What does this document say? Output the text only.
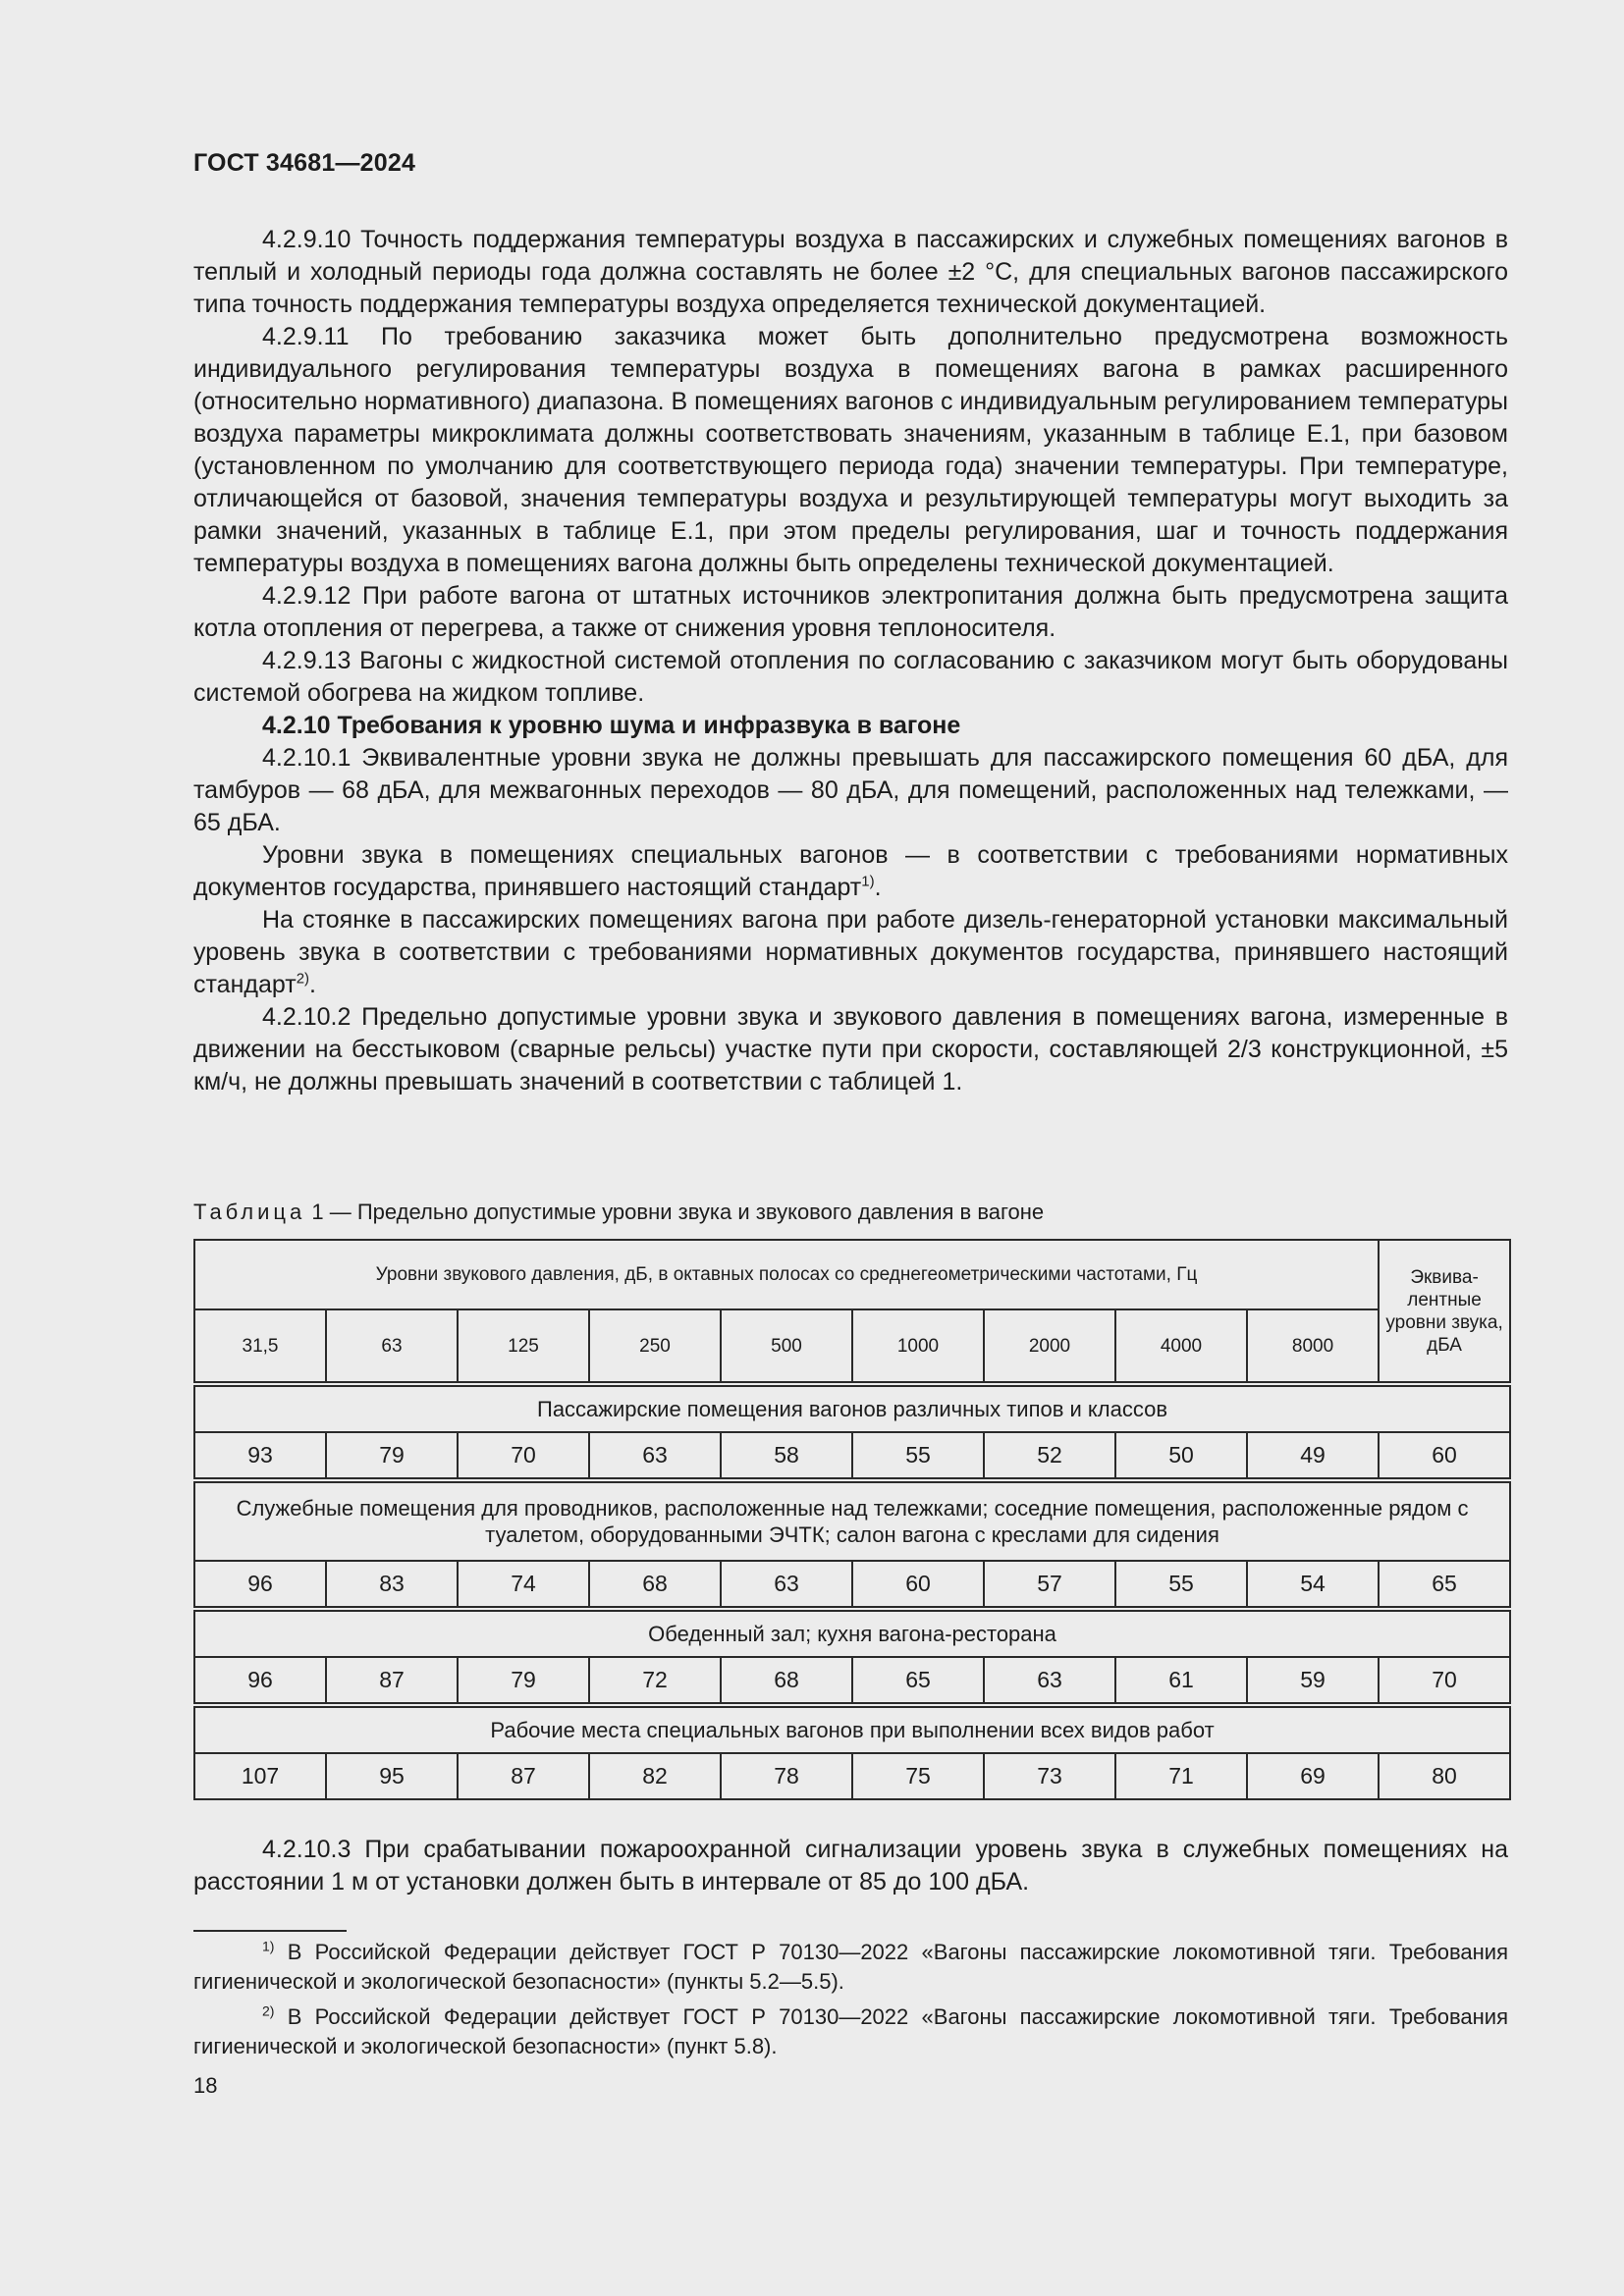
ГОСТ 34681—2024

4.2.9.10 Точность поддержания температуры воздуха в пассажирских и служебных помещениях вагонов в теплый и холодный периоды года должна составлять не более ±2 °С, для специальных вагонов пассажирского типа точность поддержания температуры воздуха определяется технической документацией.

4.2.9.11 По требованию заказчика может быть дополнительно предусмотрена возможность индивидуального регулирования температуры воздуха в помещениях вагона в рамках расширенного (относительно нормативного) диапазона. В помещениях вагонов с индивидуальным регулированием температуры воздуха параметры микроклимата должны соответствовать значениям, указанным в таблице Е.1, при базовом (установленном по умолчанию для соответствующего периода года) значении температуры. При температуре, отличающейся от базовой, значения температуры воздуха и результирующей температуры могут выходить за рамки значений, указанных в таблице Е.1, при этом пределы регулирования, шаг и точность поддержания температуры воздуха в помещениях вагона должны быть определены технической документацией.

4.2.9.12 При работе вагона от штатных источников электропитания должна быть предусмотрена защита котла отопления от перегрева, а также от снижения уровня теплоносителя.

4.2.9.13 Вагоны с жидкостной системой отопления по согласованию с заказчиком могут быть оборудованы системой обогрева на жидком топливе.

4.2.10 Требования к уровню шума и инфразвука в вагоне

4.2.10.1 Эквивалентные уровни звука не должны превышать для пассажирского помещения 60 дБА, для тамбуров — 68 дБА, для межвагонных переходов — 80 дБА, для помещений, расположенных над тележками, — 65 дБА.

Уровни звука в помещениях специальных вагонов — в соответствии с требованиями нормативных документов государства, принявшего настоящий стандарт$^{1)}$.

На стоянке в пассажирских помещениях вагона при работе дизель-генераторной установки максимальный уровень звука в соответствии с требованиями нормативных документов государства, принявшего настоящий стандарт$^{2)}$.

4.2.10.2 Предельно допустимые уровни звука и звукового давления в помещениях вагона, измеренные в движении на бесстыковом (сварные рельсы) участке пути при скорости, составляющей 2/3 конструкционной, ±5 км/ч, не должны превышать значений в соответствии с таблицей 1.

Таблица 1 — Предельно допустимые уровни звука и звукового давления в вагоне
Уровни звукового давления, дБ, в октавных полосах со среднегеометрическими частотами, Гц									Эквива-лентные уровни звука, дБА
31,5	63	125	250	500	1000	2000	4000	8000	

Пассажирские помещения вагонов различных типов и классов									
93	79	70	63	58	55	52	50	49	60

Служебные помещения для проводников, расположенные над тележками; соседние помещения, расположенные рядом с туалетом, оборудованными ЭЧТК; салон вагона с креслами для сидения									
96	83	74	68	63	60	57	55	54	65

Обеденный зал; кухня вагона-ресторана									
96	87	79	72	68	65	63	61	59	70

Рабочие места специальных вагонов при выполнении всех видов работ									
107	95	87	82	78	75	73	71	69	80

4.2.10.3 При срабатывании пожароохранной сигнализации уровень звука в служебных помещениях на расстоянии 1 м от установки должен быть в интервале от 85 до 100 дБА.

$^{1)}$ В Российской Федерации действует ГОСТ Р 70130—2022 «Вагоны пассажирские локомотивной тяги. Требования гигиенической и экологической безопасности» (пункты 5.2—5.5).

$^{2)}$ В Российской Федерации действует ГОСТ Р 70130—2022 «Вагоны пассажирские локомотивной тяги. Требования гигиенической и экологической безопасности» (пункт 5.8).

18
